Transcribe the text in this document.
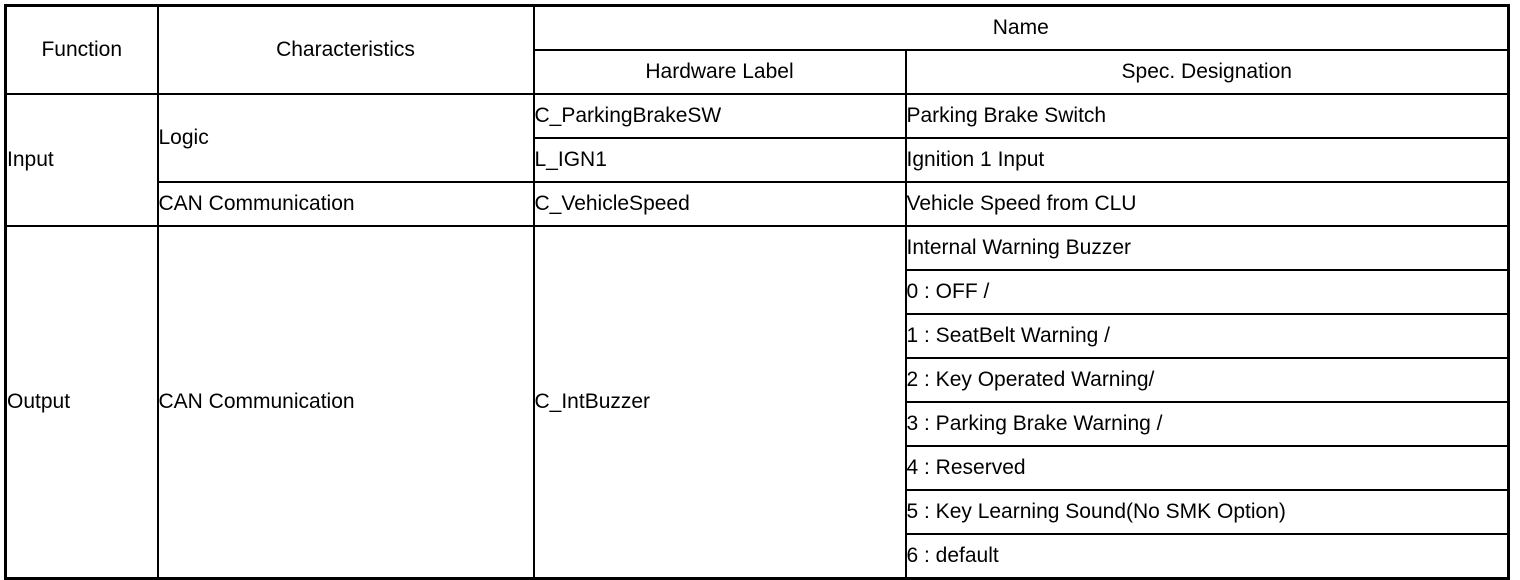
Function	Characteristics	Name	
		Hardware Label	Spec. Designation
Input	Logic	C_ParkingBrakeSW	Parking Brake Switch
		L_IGN1	Ignition 1 Input
	CAN Communication	C_VehicleSpeed	Vehicle Speed from CLU
Output	CAN Communication	C_IntBuzzer	Internal Warning Buzzer
			0 : OFF /
			1 : SeatBelt Warning /
			2 : Key Operated Warning/
			3 : Parking Brake Warning /
			4 : Reserved
			5 : Key Learning Sound(No SMK Option)
			6 : default
